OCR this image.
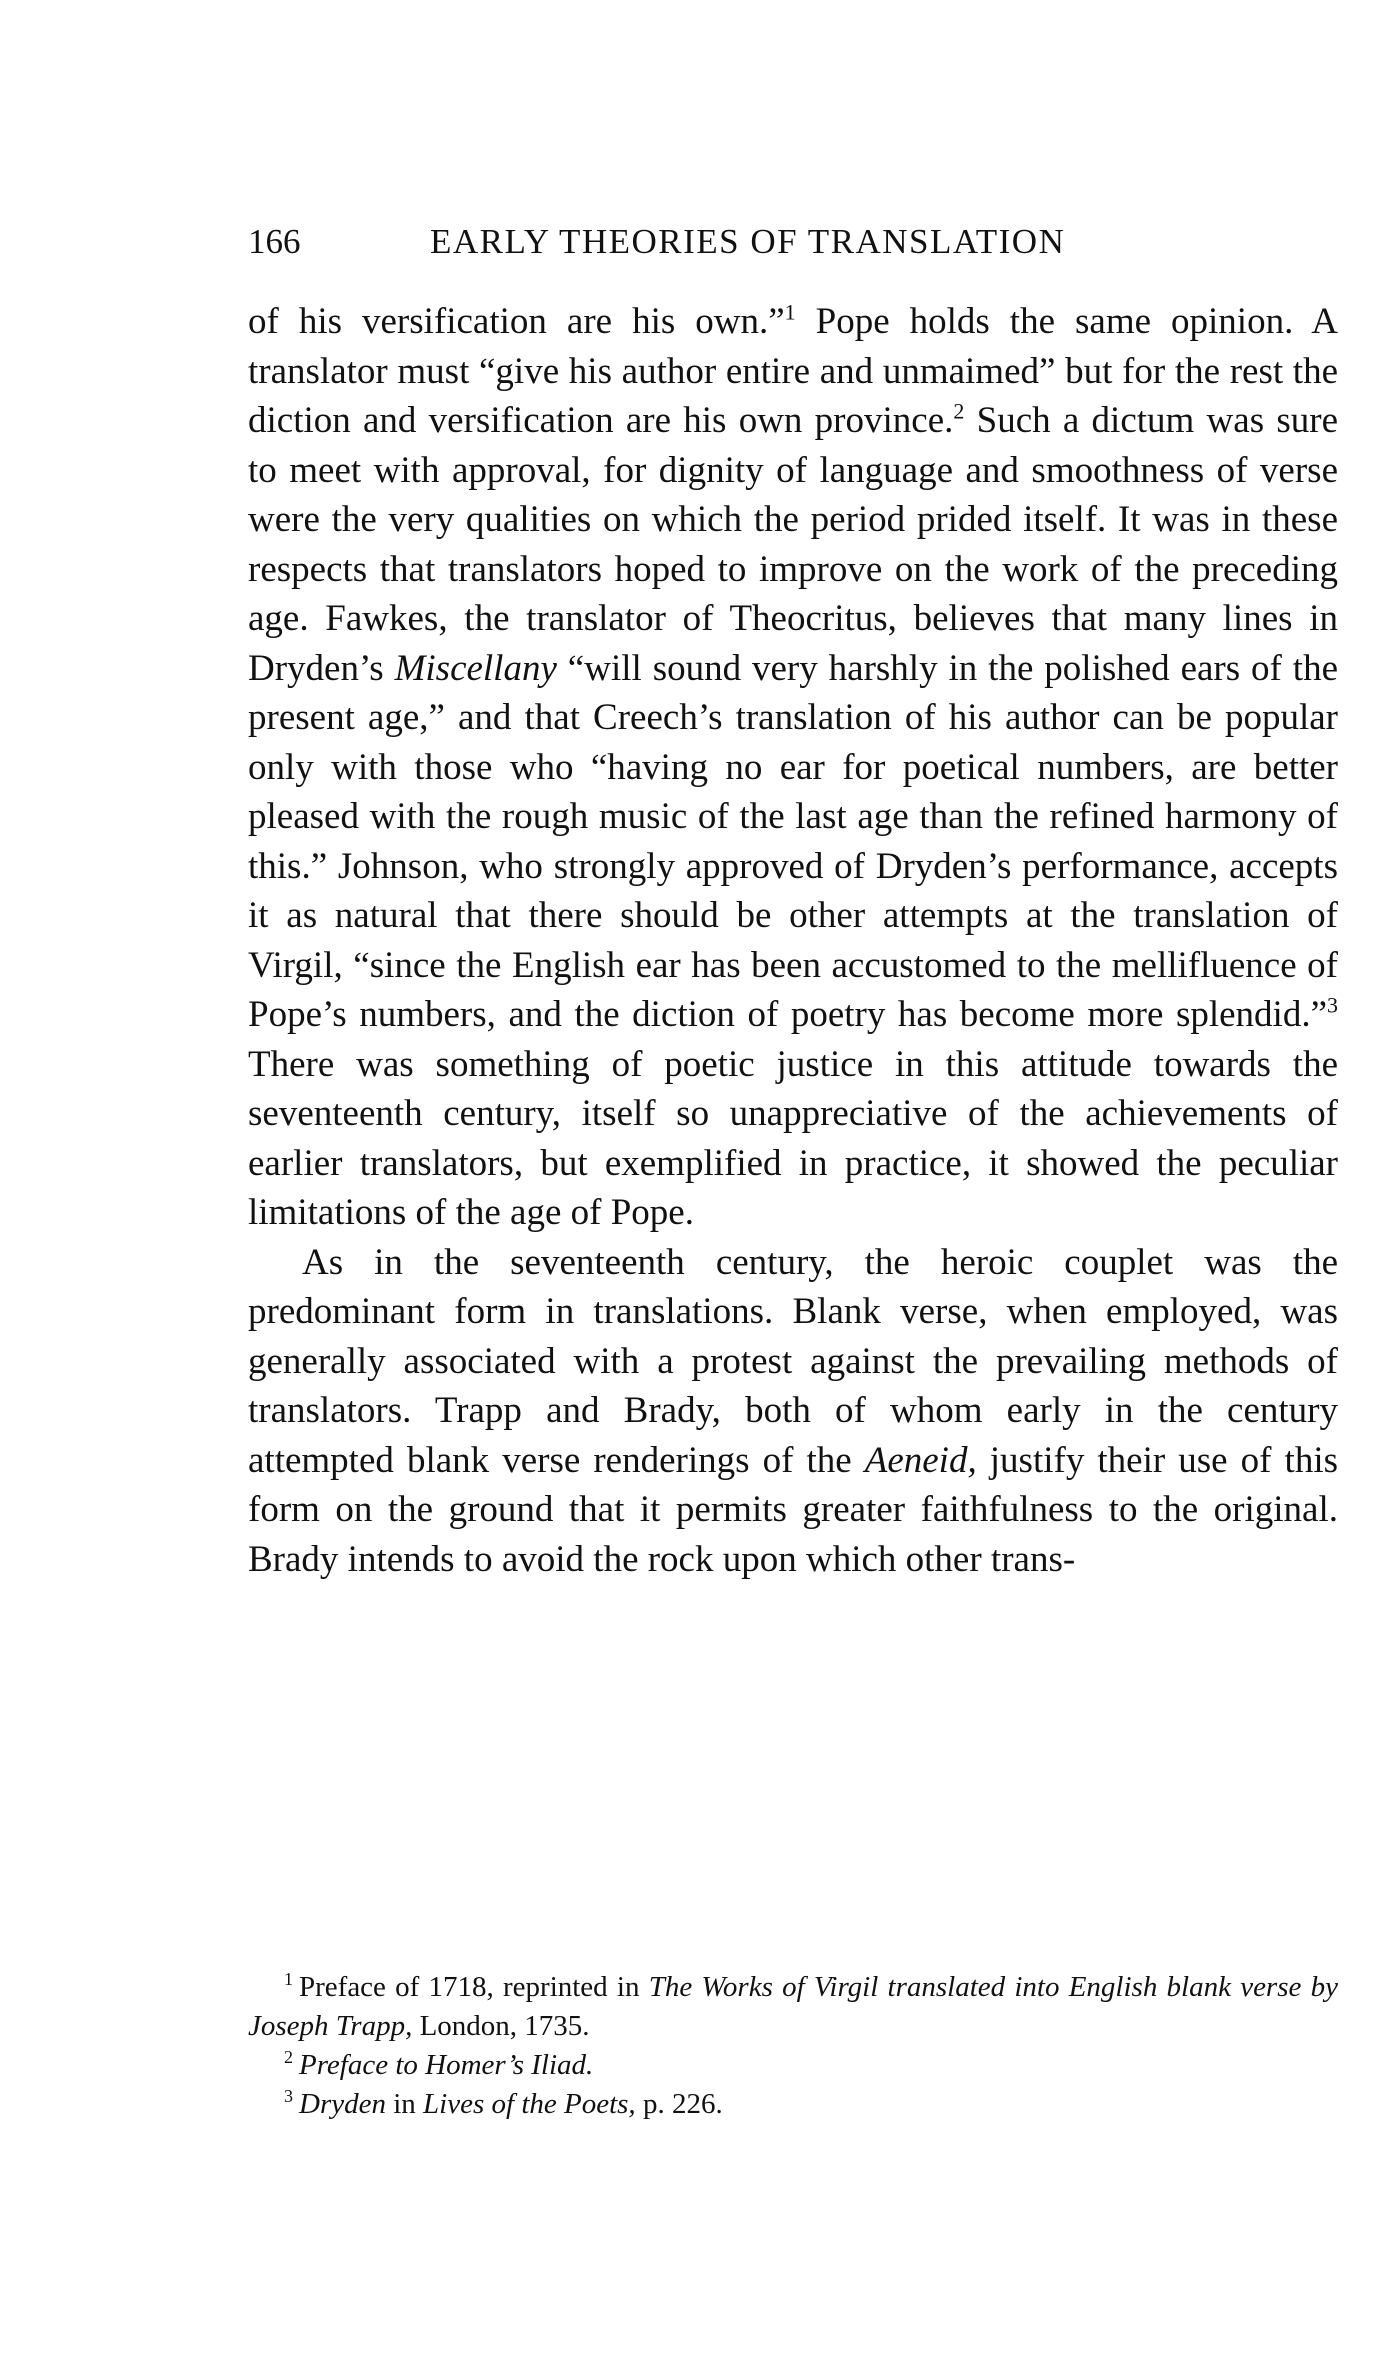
166	EARLY THEORIES OF TRANSLATION

of his versification are his own.”$^1$ Pope holds the same opinion. A translator must “give his author entire and unmaimed” but for the rest the diction and versification are his own province.$^2$ Such a dictum was sure to meet with approval, for dignity of language and smoothness of verse were the very qualities on which the period prided itself. It was in these respects that translators hoped to improve on the work of the preceding age. Fawkes, the translator of Theocritus, believes that many lines in Dryden’s Miscellany “will sound very harshly in the polished ears of the present age,” and that Creech’s translation of his author can be popular only with those who “having no ear for poetical numbers, are better pleased with the rough music of the last age than the refined harmony of this.” Johnson, who strongly approved of Dryden’s performance, accepts it as natural that there should be other attempts at the translation of Virgil, “since the English ear has been accustomed to the mellifluence of Pope’s numbers, and the diction of poetry has become more splendid.”$^3$ There was something of poetic justice in this attitude towards the seventeenth century, itself so unappreciative of the achievements of earlier translators, but exemplified in practice, it showed the peculiar limitations of the age of Pope.

As in the seventeenth century, the heroic couplet was the predominant form in translations. Blank verse, when employed, was generally associated with a protest against the prevailing methods of translators. Trapp and Brady, both of whom early in the century attempted blank verse renderings of the Aeneid, justify their use of this form on the ground that it permits greater faithfulness to the original. Brady intends to avoid the rock upon which other trans-

$^1$ Preface of 1718, reprinted in The Works of Virgil translated into English blank verse by Joseph Trapp, London, 1735.

$^2$ Preface to Homer’s Iliad.

$^3$ Dryden in Lives of the Poets, p. 226.
